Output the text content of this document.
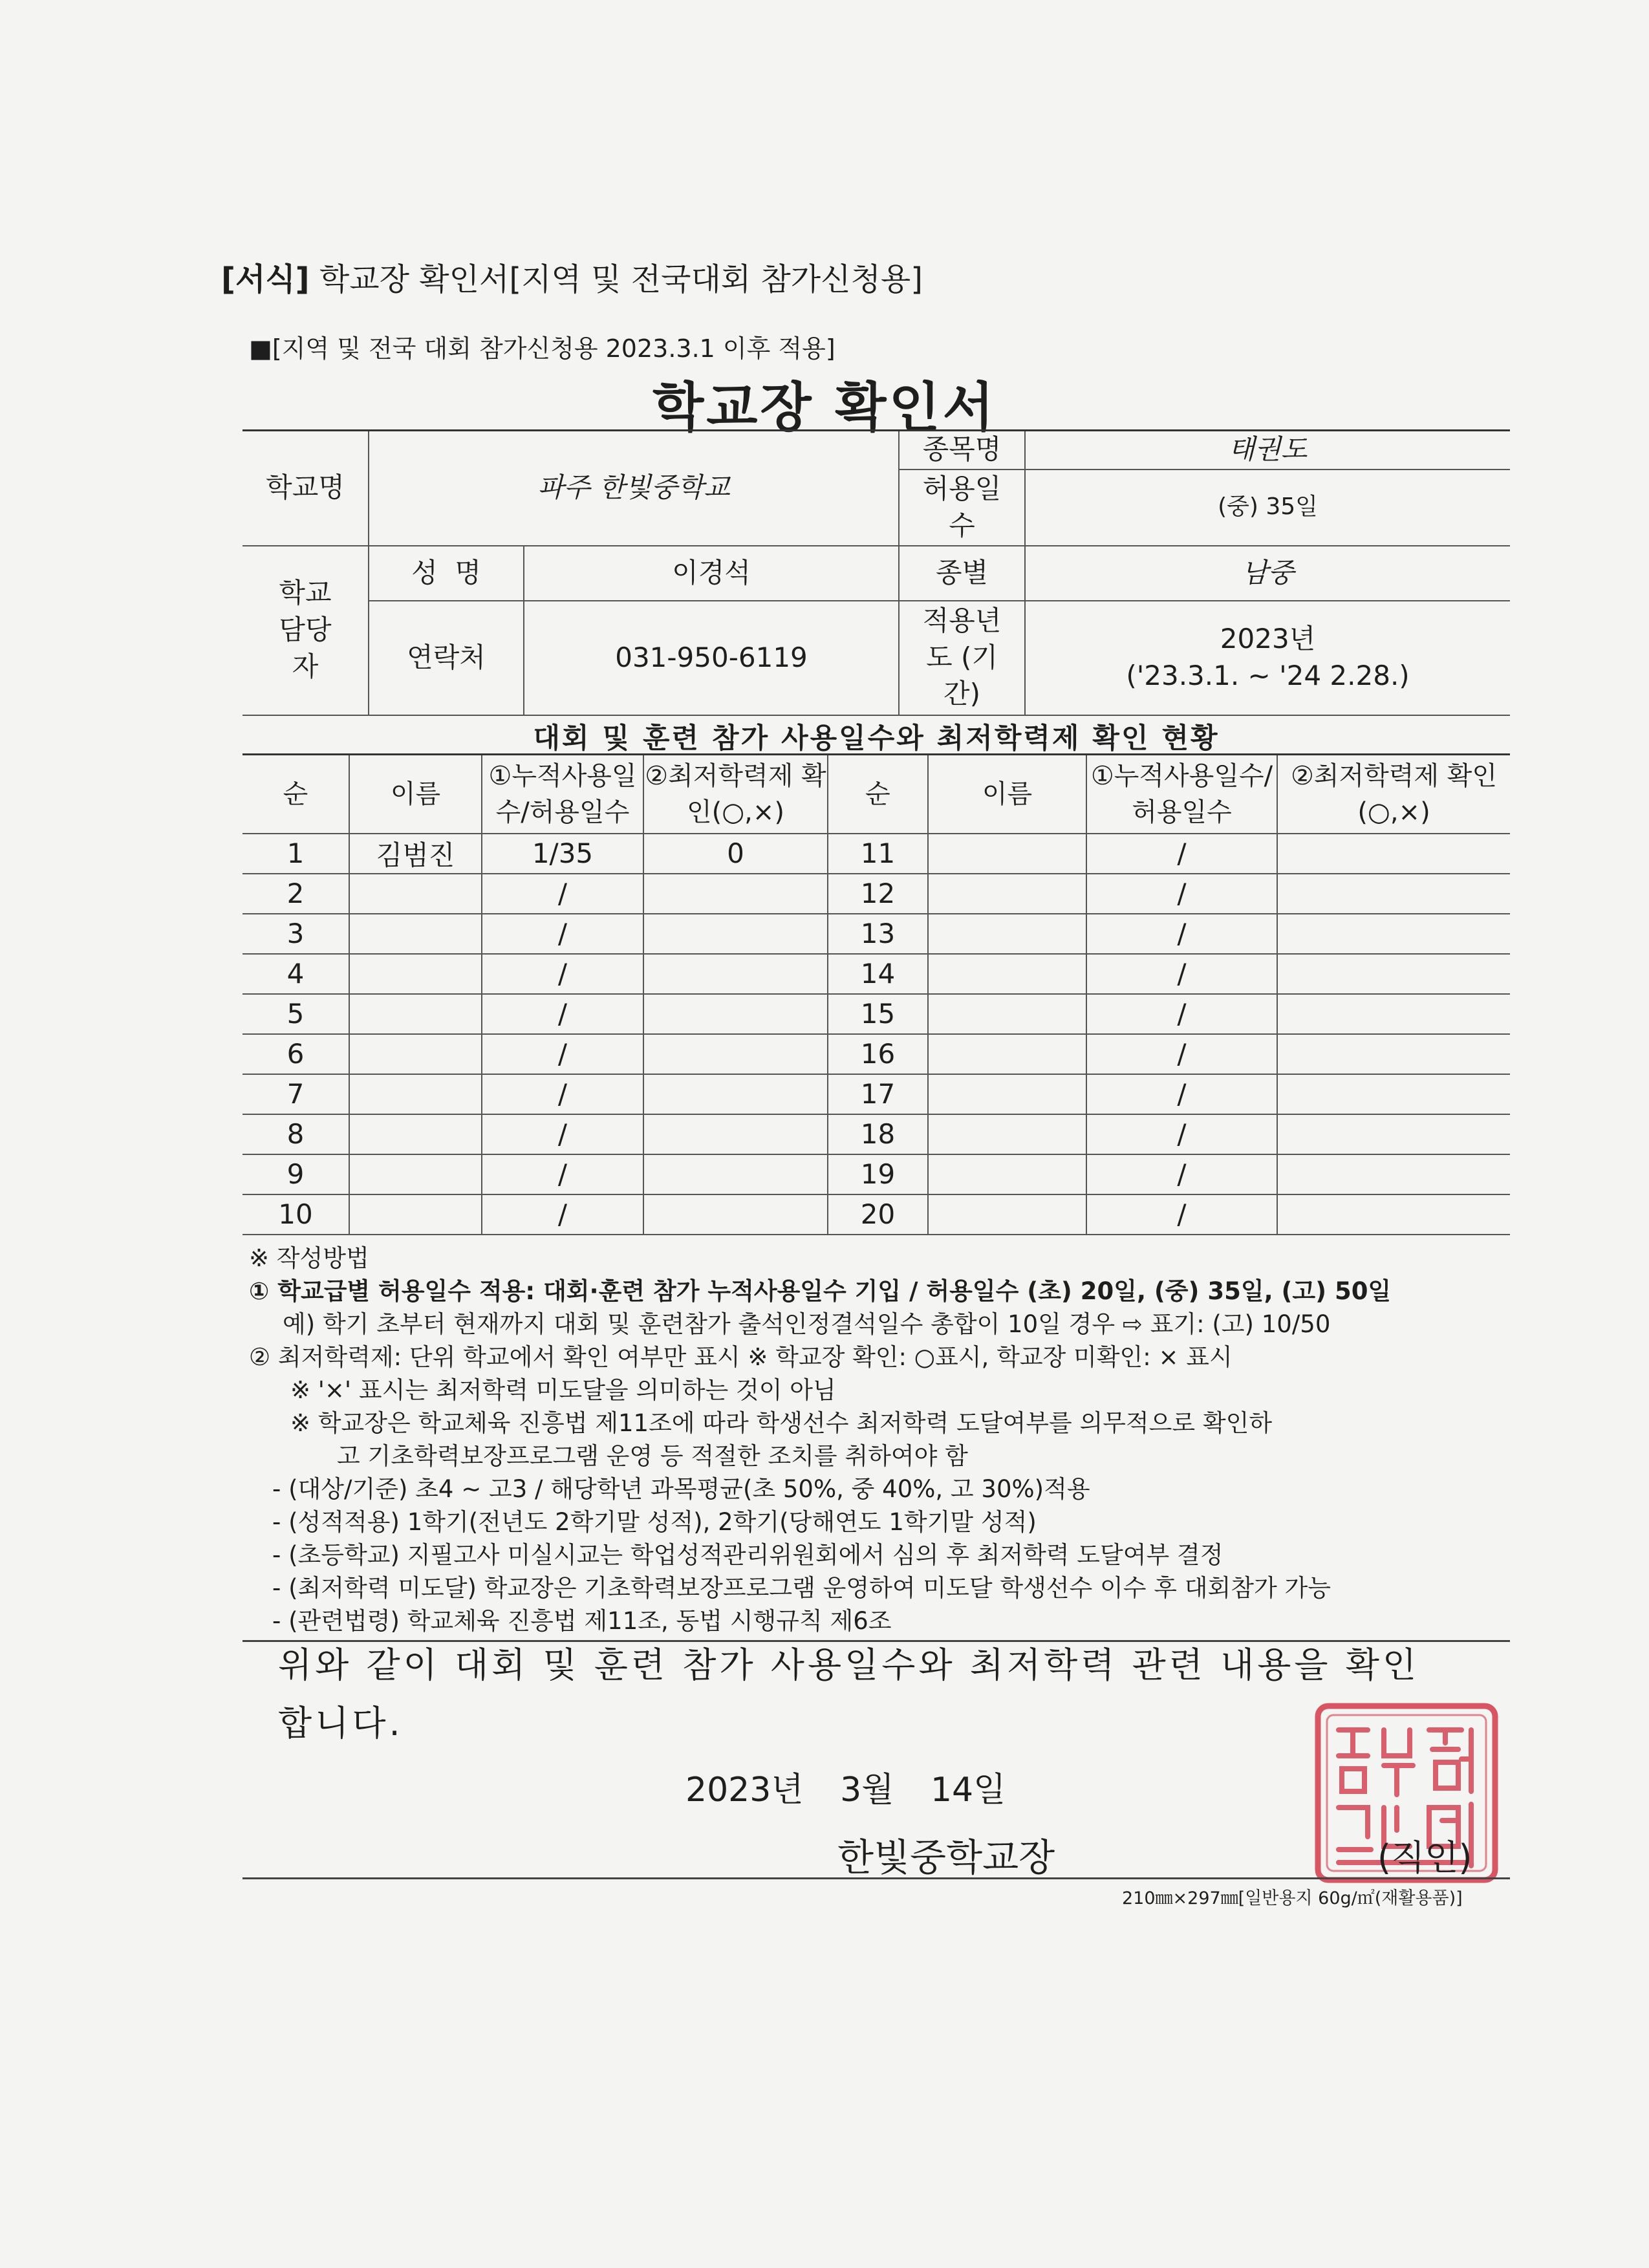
[서식] 학교장 확인서[지역 및 전국대회 참가신청용]
■[지역 및 전국 대회 참가신청용 2023.3.1 이후 적용]
학교장 확인서
학교명	파주 한빛중학교		종목명	태권도
			허용일수	(중) 35일
학교 담당자	성  명	이경석	종별	남중
	연락처	031-950-6119	적용년도 (기간)	2023년
('23.3.1. ~ '24 2.28.)
대회 및 훈련 참가 사용일수와 최저학력제 확인 현황
순	이름	①누적사용일수/허용일수	②최저학력제 확인(○,×)	순	이름	①누적사용일수/허용일수	②최저학력제 확인(○,×)
1	김범진	1/35	0	11		/	
2		/		12		/	
3		/		13		/	
4		/		14		/	
5		/		15		/	
6		/		16		/	
7		/		17		/	
8		/		18		/	
9		/		19		/	
10		/		20		/	
※ 작성방법
① 학교급별 허용일수 적용: 대회·훈련 참가 누적사용일수 기입 / 허용일수 (초) 20일, (중) 35일, (고) 50일
예) 학기 초부터 현재까지 대회 및 훈련참가 출석인정결석일수 총합이 10일 경우 ⇨ 표기: (고) 10/50
② 최저학력제: 단위 학교에서 확인 여부만 표시 ※ 학교장 확인: ○표시, 학교장 미확인: × 표시
※ '×' 표시는 최저학력 미도달을 의미하는 것이 아님
※ 학교장은 학교체육 진흥법 제11조에 따라 학생선수 최저학력 도달여부를 의무적으로 확인하
고 기초학력보장프로그램 운영 등 적절한 조치를 취하여야 함
- (대상/기준) 초4 ~ 고3 / 해당학년 과목평균(초 50%, 중 40%, 고 30%)적용
- (성적적용) 1학기(전년도 2학기말 성적), 2학기(당해연도 1학기말 성적)
- (초등학교) 지필고사 미실시교는 학업성적관리위원회에서 심의 후 최저학력 도달여부 결정
- (최저학력 미도달) 학교장은 기초학력보장프로그램 운영하여 미도달 학생선수 이수 후 대회참가 가능
- (관련법령) 학교체육 진흥법 제11조, 동법 시행규칙 제6조
위와 같이 대회 및 훈련 참가 사용일수와 최저학력 관련 내용을 확인
합니다.
2023년 3월 14일
한빛중학교장	(직인)
210㎜×297㎜[일반용지 60g/㎡(재활용품)]
